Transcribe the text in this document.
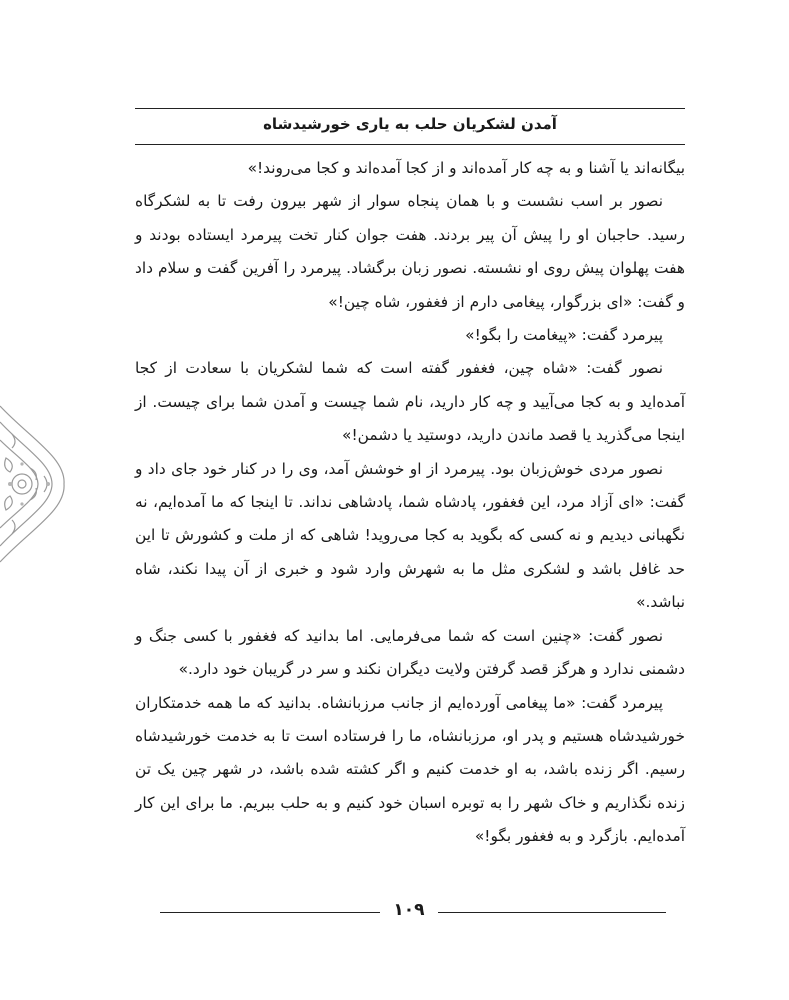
آمدن لشکریان حلب به یاری خورشیدشاه

بیگانه‌اند یا آشنا و به چه کار آمده‌اند و از کجا آمده‌اند و کجا می‌روند!»

نصور بر اسب نشست و با همان پنجاه سوار از شهر بیرون رفت تا به لشکرگاه رسید. حاجبان او را پیش آن پیر بردند. هفت جوان کنار تخت پیرمرد ایستاده بودند و هفت پهلوان پیش روی او نشسته. نصور زبان برگشاد. پیرمرد را آفرین گفت و سلام داد و گفت: «ای بزرگوار، پیغامی دارم از فغفور، شاه چین!»

پیرمرد گفت: «پیغامت را بگو!»

نصور گفت: «شاه چین، فغفور گفته است که شما لشکریان با سعادت از کجا آمده‌اید و به کجا می‌آیید و چه کار دارید، نام شما چیست و آمدن شما برای چیست. از اینجا می‌گذرید یا قصد ماندن دارید، دوستید یا دشمن!»

نصور مردی خوش‌زبان بود. پیرمرد از او خوشش آمد، وی را در کنار خود جای داد و گفت: «ای آزاد مرد، این فغفور، پادشاه شما، پادشاهی نداند. تا اینجا که ما آمده‌ایم، نه نگهبانی دیدیم و نه کسی که بگوید به کجا می‌روید! شاهی که از ملت و کشورش تا این حد غافل باشد و لشکری مثل ما به شهرش وارد شود و خبری از آن پیدا نکند، شاه نباشد.»

نصور گفت: «چنین است که شما می‌فرمایی. اما بدانید که فغفور با کسی جنگ و دشمنی ندارد و هرگز قصد گرفتن ولایت دیگران نکند و سر در گریبان خود دارد.»

پیرمرد گفت: «ما پیغامی آورده‌ایم از جانب مرزبانشاه. بدانید که ما همه خدمتکاران خورشیدشاه هستیم و پدر او، مرزبانشاه، ما را فرستاده است تا به خدمت خورشیدشاه رسیم. اگر زنده باشد، به او خدمت کنیم و اگر کشته شده باشد، در شهر چین یک تن زنده نگذاریم و خاک شهر را به توبره اسبان خود کنیم و به حلب ببریم. ما برای این کار آمده‌ایم. بازگرد و به فغفور بگو!»

۱۰۹
